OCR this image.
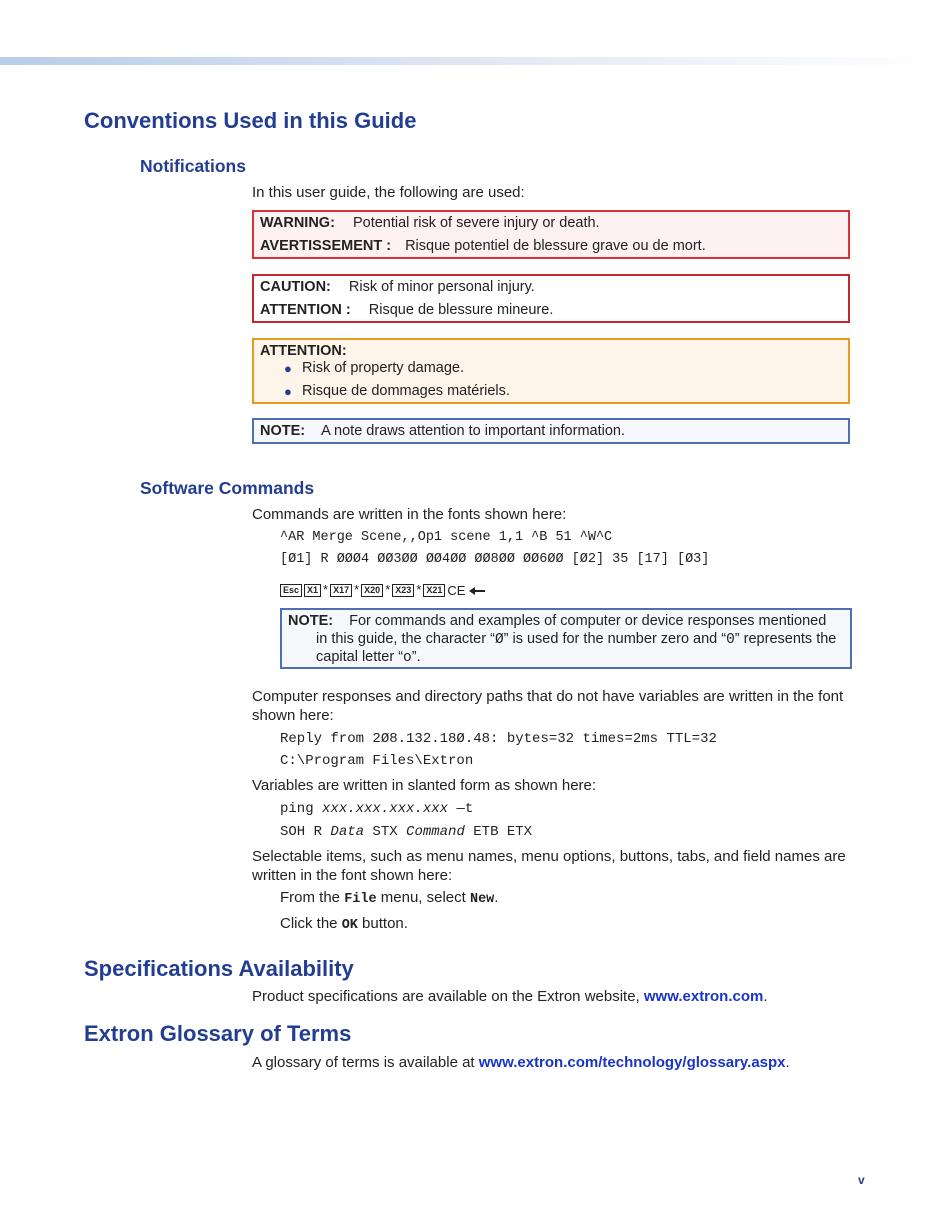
Conventions Used in this Guide
Notifications
In this user guide, the following are used:
WARNING: Potential risk of severe injury or death.
AVERTISSEMENT : Risque potentiel de blessure grave ou de mort.
CAUTION: Risk of minor personal injury.
ATTENTION : Risque de blessure mineure.
ATTENTION:
● Risk of property damage.
● Risque de dommages matériels.
NOTE: A note draws attention to important information.
Software Commands
Commands are written in the fonts shown here:
^AR Merge Scene,,Op1 scene 1,1 ^B 51 ^W^C
[Ø1] R ØØØ4 ØØ3ØØ ØØ4ØØ ØØ8ØØ ØØ6ØØ [Ø2] 35 [17] [Ø3]
Esc X1 * X17 * X20 * X23 * X21 CE
NOTE: For commands and examples of computer or device responses mentioned
in this guide, the character “Ø” is used for the number zero and “0” represents the
capital letter “o”.
Computer responses and directory paths that do not have variables are written in the font
shown here:
Reply from 2Ø8.132.18Ø.48: bytes=32 times=2ms TTL=32
C:\Program Files\Extron
Variables are written in slanted form as shown here:
ping xxx.xxx.xxx.xxx —t
SOH R Data STX Command ETB ETX
Selectable items, such as menu names, menu options, buttons, tabs, and field names are
written in the font shown here:
From the File menu, select New.
Click the OK button.
Specifications Availability
Product specifications are available on the Extron website, www.extron.com.
Extron Glossary of Terms
A glossary of terms is available at www.extron.com/technology/glossary.aspx.
v
